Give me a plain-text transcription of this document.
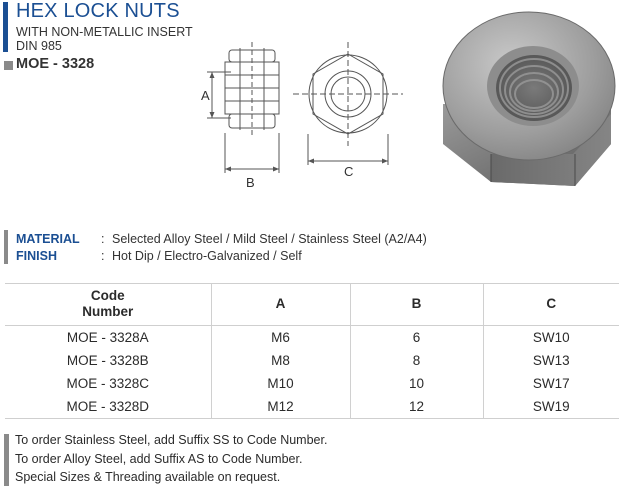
HEX LOCK NUTS
WITH NON-METALLIC INSERT
DIN 985
MOE - 3328
A
B
C
MATERIAL : Selected Alloy Steel / Mild Steel / Stainless Steel (A2/A4)
FINISH	: Hot Dip / Electro-Galvanized / Self
Code
Number	A	B	C
MOE - 3328A	M6	6	SW10
MOE - 3328B	M8	8	SW13
MOE - 3328C	M10	10	SW17
MOE - 3328D	M12	12	SW19
To order Stainless Steel, add Suffix SS to Code Number.
To order Alloy Steel, add Suffix AS to Code Number.
Special Sizes & Threading available on request.
